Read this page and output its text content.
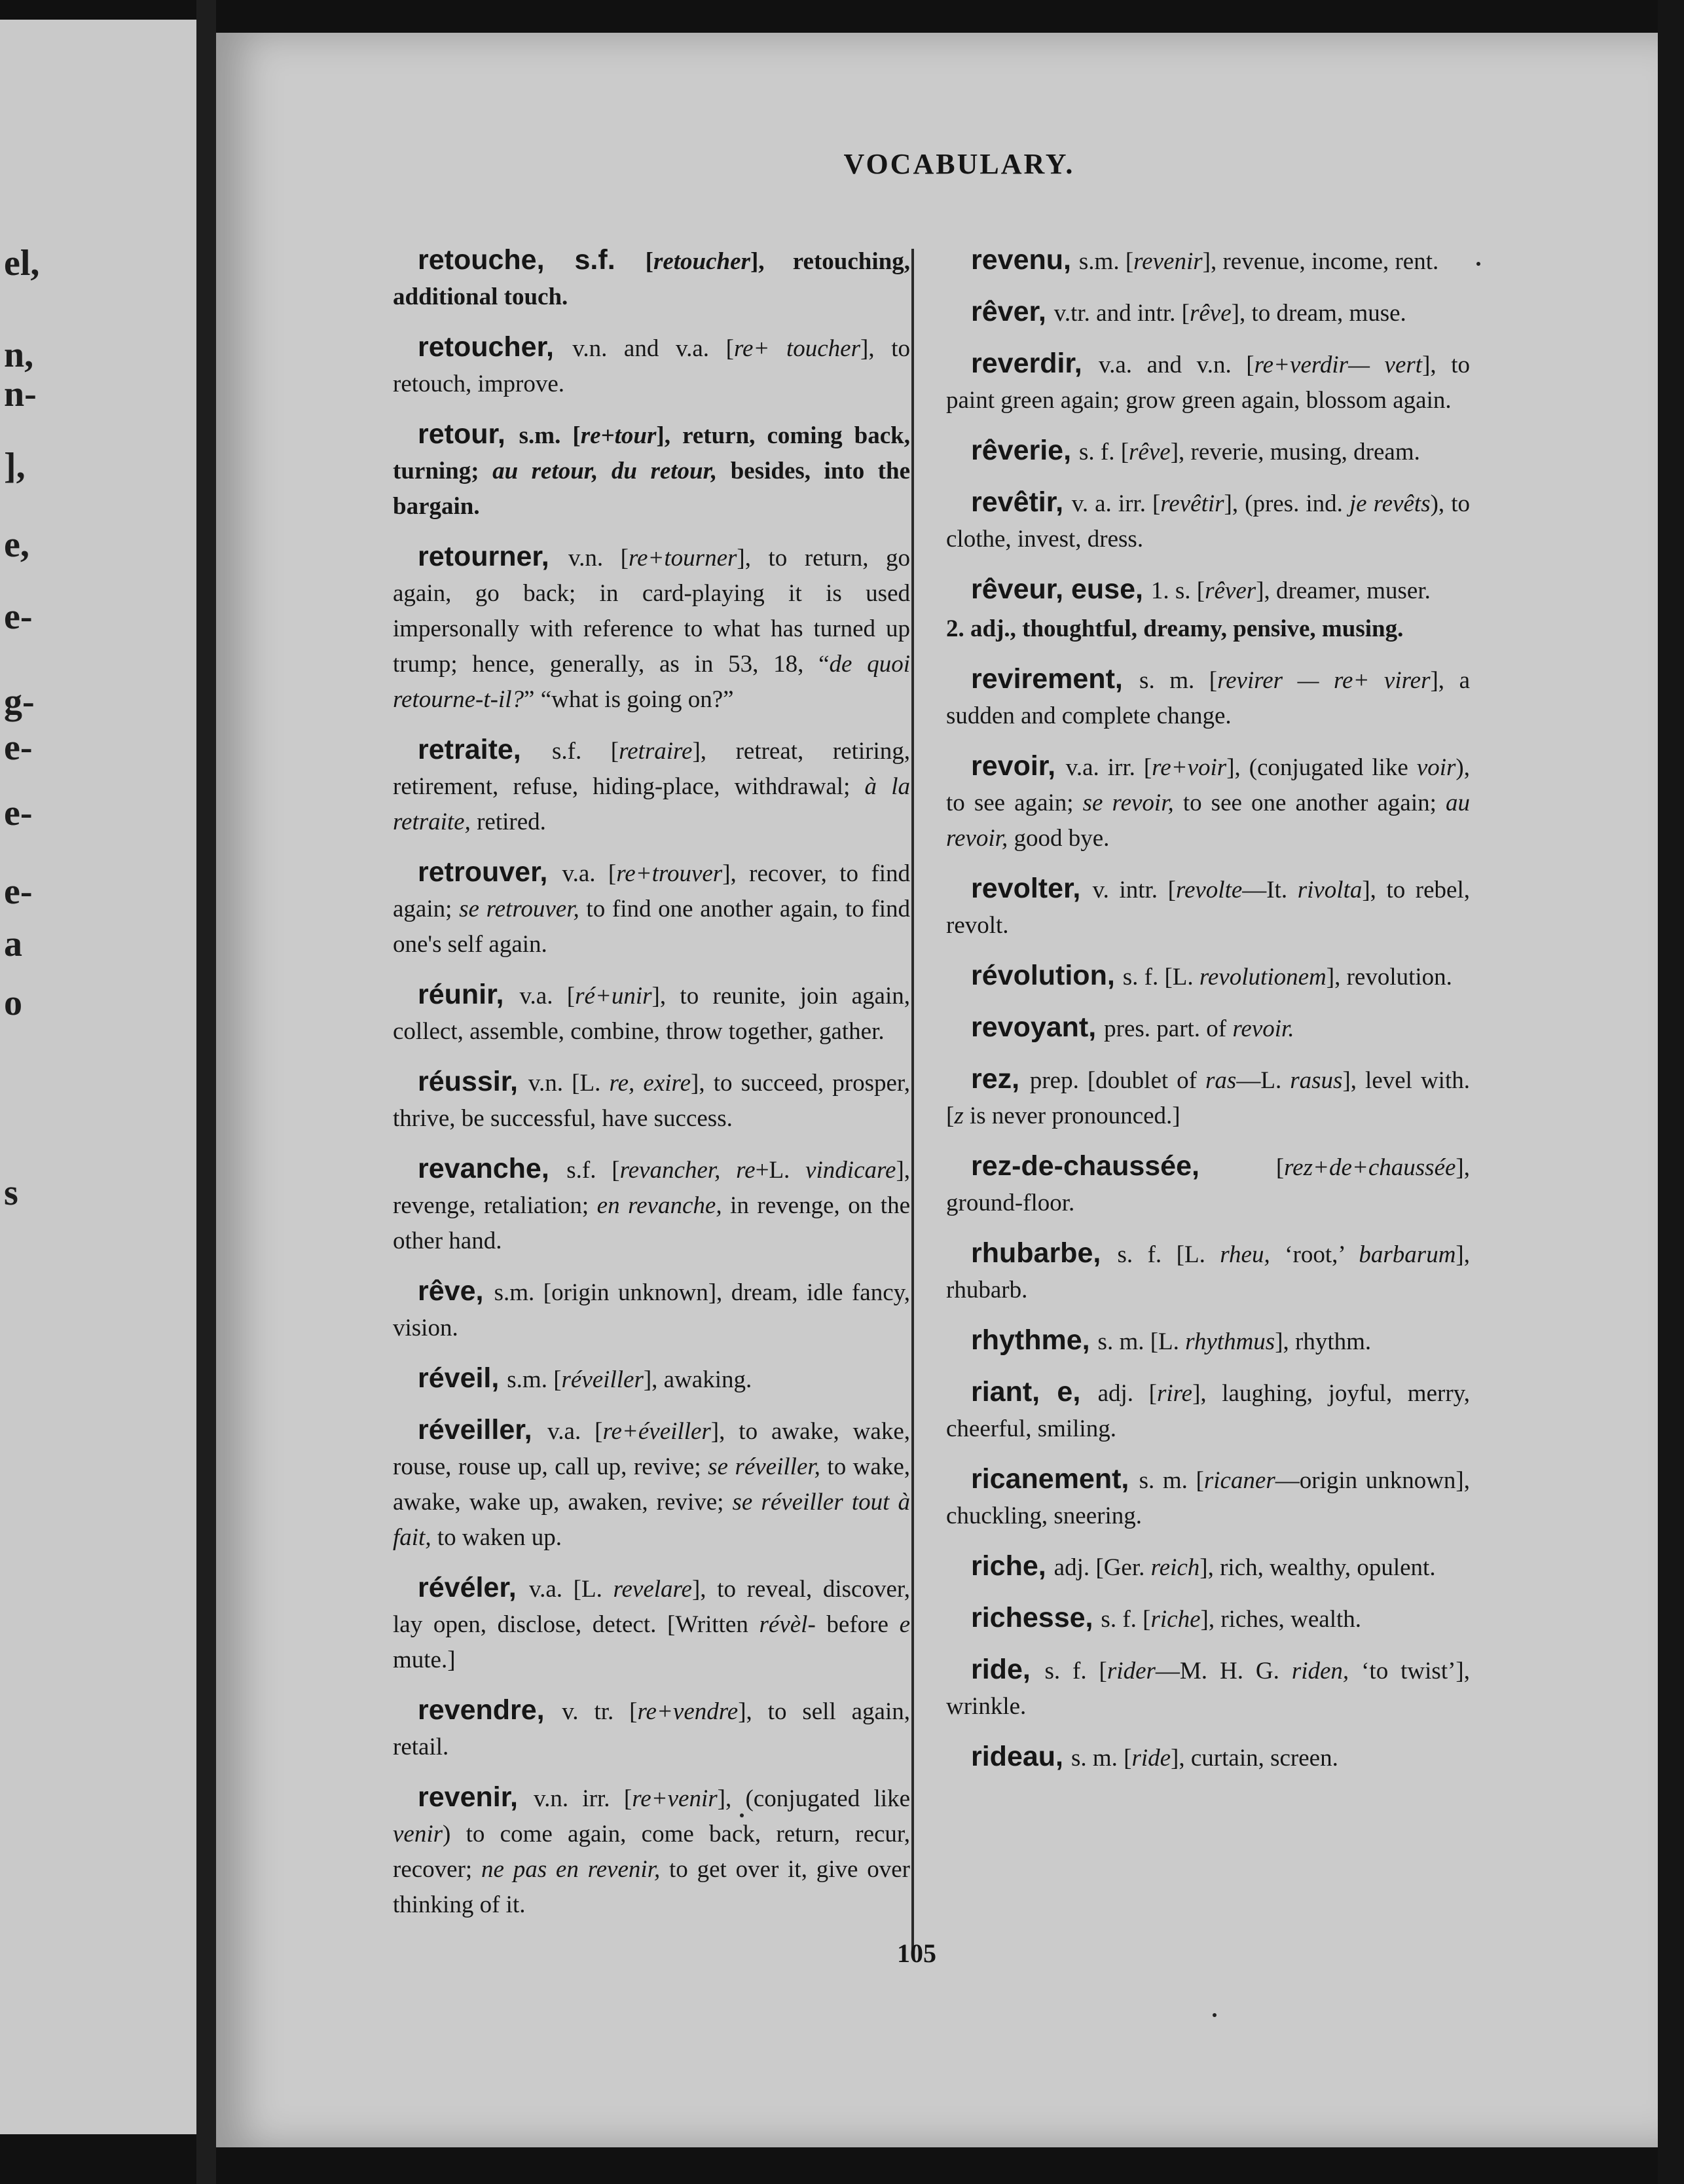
el,
n,
n-
],
e,
e-
g-
e-
e-
e-
a
o
s
VOCABULARY.

retouche, s.f. [retoucher], retouching, additional touch.

retoucher, v.n. and v.a. [re+ toucher], to retouch, improve.

retour, s.m. [re+tour], return, coming back, turning; au retour, du retour, besides, into the bargain.

retourner, v.n. [re+tourner], to return, go again, go back; in card-playing it is used impersonally with reference to what has turned up trump; hence, generally, as in 53, 18, “de quoi retourne-t-il?” “what is going on?”

retraite, s.f. [retraire], retreat, retiring, retirement, refuse, hiding-place, withdrawal; à la retraite, retired.

retrouver, v.a. [re+trouver], recover, to find again; se retrouver, to find one another again, to find one's self again.

réunir, v.a. [ré+unir], to reunite, join again, collect, assemble, combine, throw together, gather.

réussir, v.n. [L. re, exire], to succeed, prosper, thrive, be successful, have success.

revanche, s.f. [revancher, re+L. vindicare], revenge, retaliation; en revanche, in revenge, on the other hand.

rêve, s.m. [origin unknown], dream, idle fancy, vision.

réveil, s.m. [réveiller], awaking.

réveiller, v.a. [re+éveiller], to awake, wake, rouse, rouse up, call up, revive; se réveiller, to wake, awake, wake up, awaken, revive; se réveiller tout à fait, to waken up.

révéler, v.a. [L. revelare], to reveal, discover, lay open, disclose, detect. [Written révèl- before e mute.]

revendre, v. tr. [re+vendre], to sell again, retail.

revenir, v.n. irr. [re+venir], (conjugated like venir) to come again, come back, return, recur, recover; ne pas en revenir, to get over it, give over thinking of it.

revenu, s.m. [revenir], revenue, income, rent.

rêver, v.tr. and intr. [rêve], to dream, muse.

reverdir, v.a. and v.n. [re+verdir— vert], to paint green again; grow green again, blossom again.

rêverie, s. f. [rêve], reverie, musing, dream.

revêtir, v. a. irr. [revêtir], (pres. ind. je revêts), to clothe, invest, dress.

rêveur, euse, 1. s. [rêver], dreamer, muser.

2. adj., thoughtful, dreamy, pensive, musing.

revirement, s. m. [revirer — re+ virer], a sudden and complete change.

revoir, v.a. irr. [re+voir], (conjugated like voir), to see again; se revoir, to see one another again; au revoir, good bye.

revolter, v. intr. [revolte—It. rivolta], to rebel, revolt.

révolution, s. f. [L. revolutionem], revolution.

revoyant, pres. part. of revoir.

rez, prep. [doublet of ras—L. rasus], level with. [z is never pronounced.]

rez-de-chaussée, [rez+de+chaussée], ground-floor.

rhubarbe, s. f. [L. rheu, ‘root,’ barbarum], rhubarb.

rhythme, s. m. [L. rhythmus], rhythm.

riant, e, adj. [rire], laughing, joyful, merry, cheerful, smiling.

ricanement, s. m. [ricaner—origin unknown], chuckling, sneering.

riche, adj. [Ger. reich], rich, wealthy, opulent.

richesse, s. f. [riche], riches, wealth.

ride, s. f. [rider—M. H. G. riden, ‘to twist’], wrinkle.

rideau, s. m. [ride], curtain, screen.

105
